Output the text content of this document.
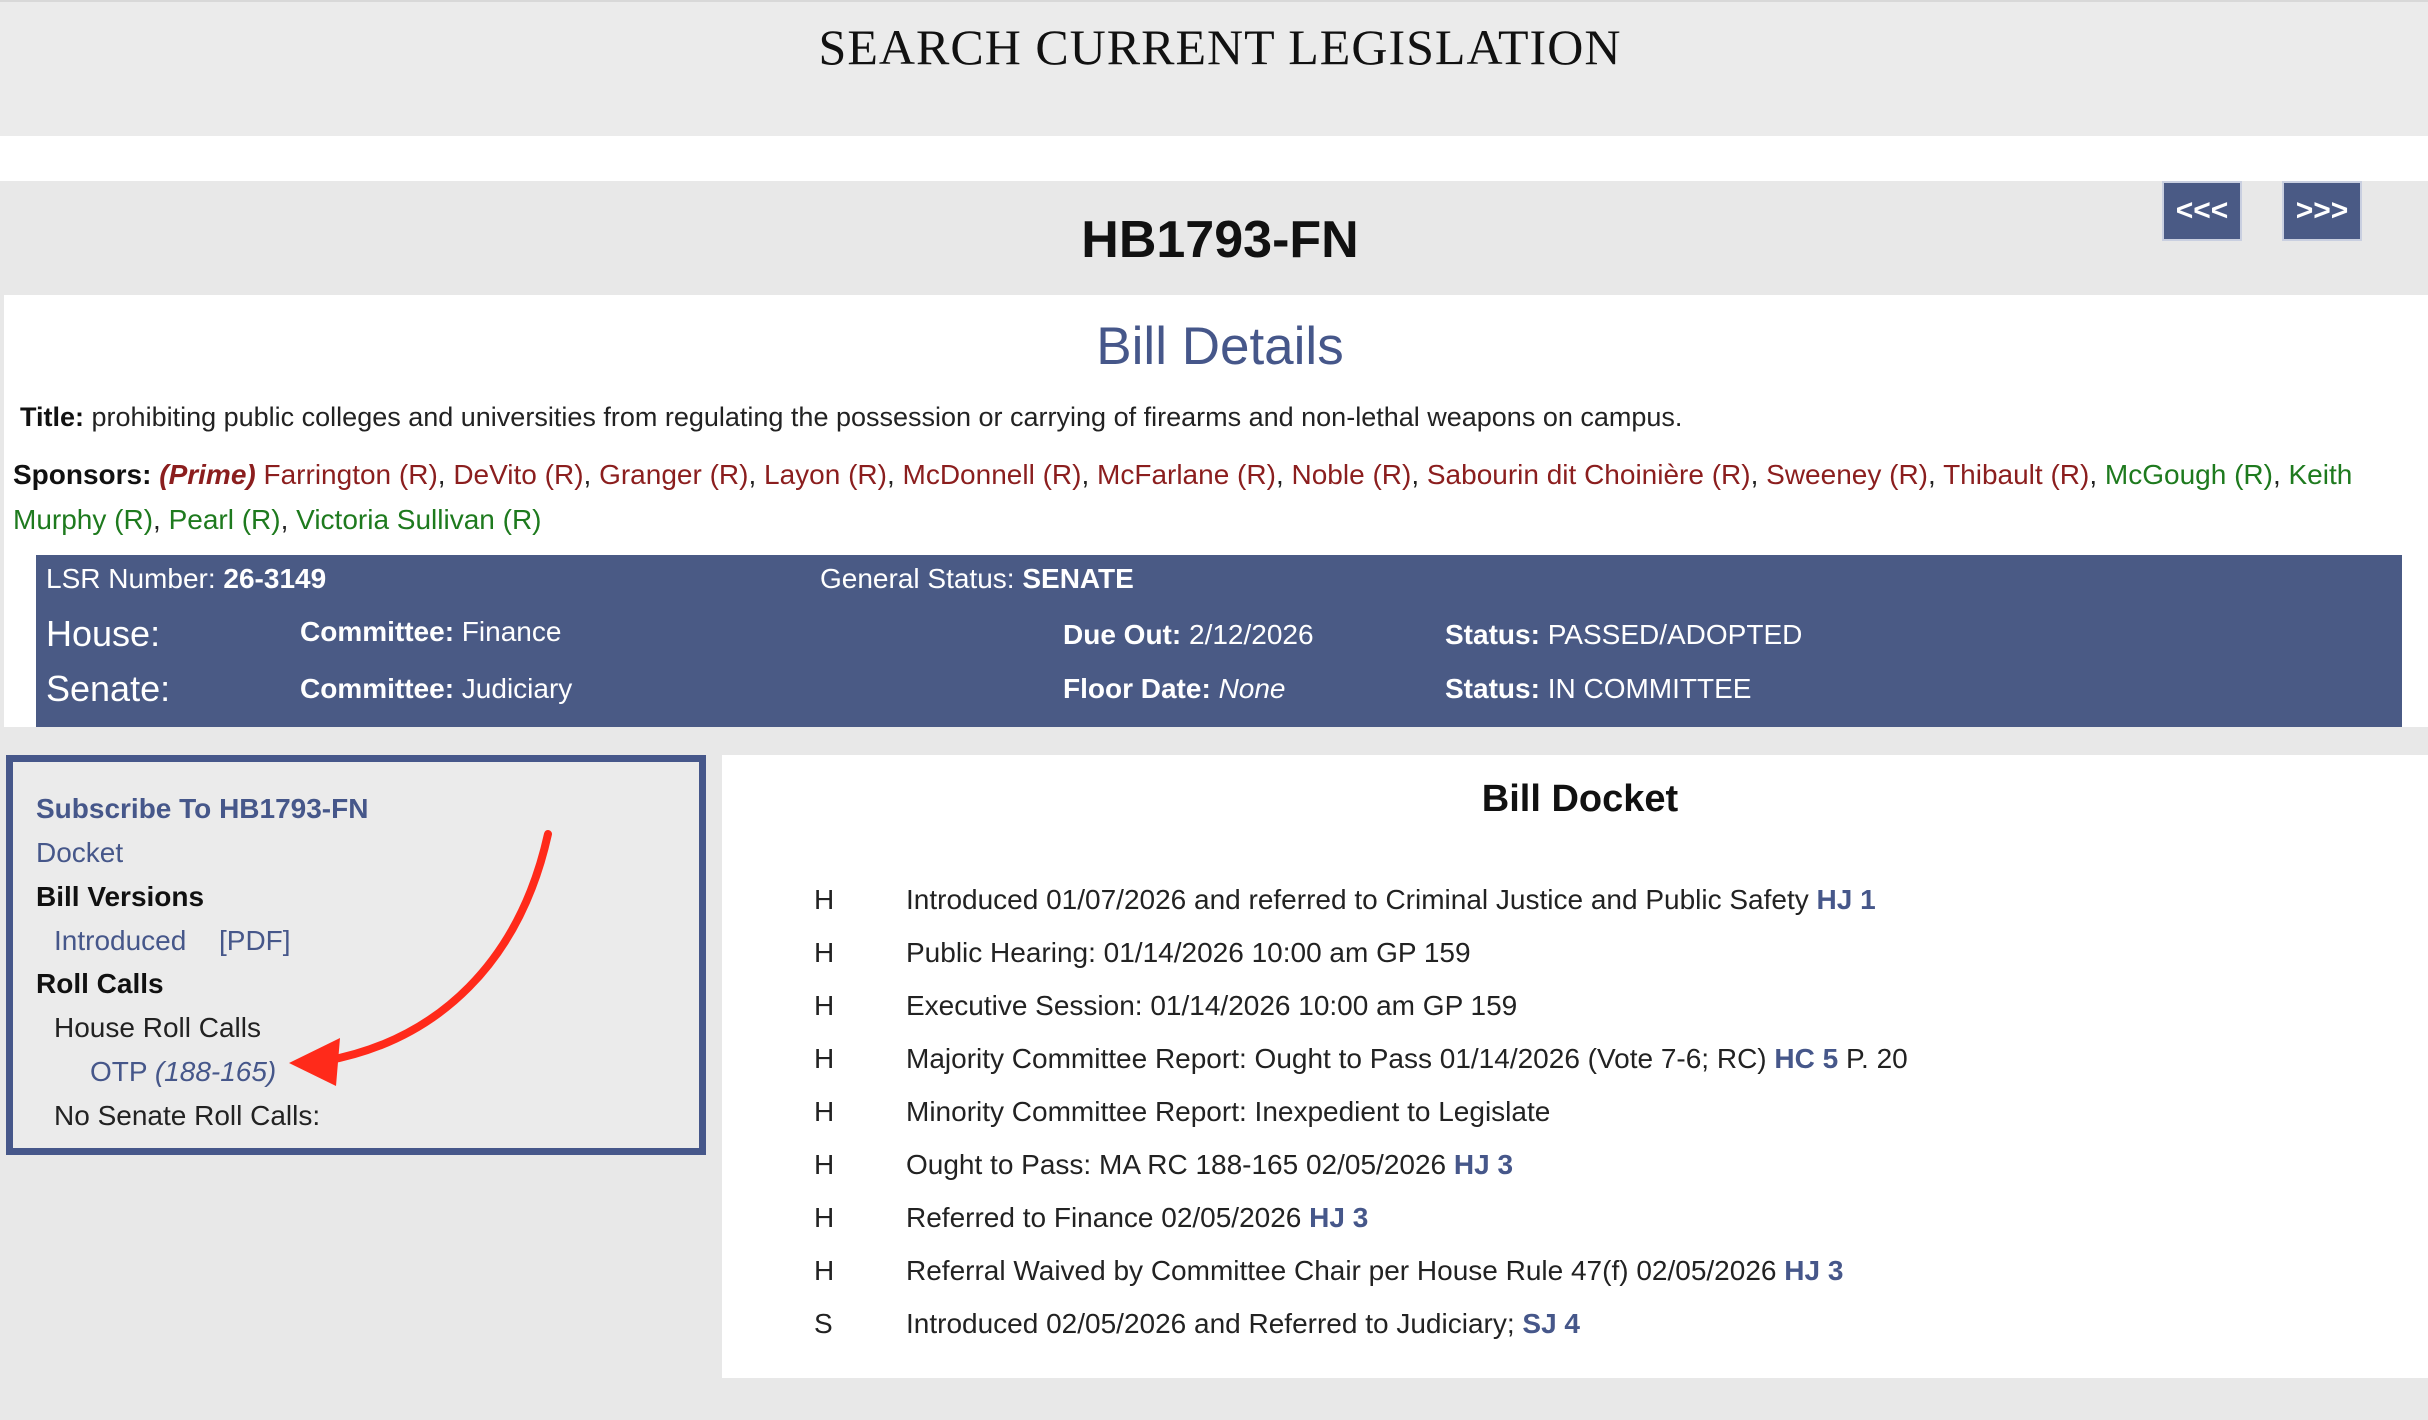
SEARCH CURRENT LEGISLATION
HB1793-FN
<<<	>>>
Bill Details
Title: prohibiting public colleges and universities from regulating the possession or carrying of firearms and non-lethal weapons on campus.
Sponsors: (Prime) Farrington (R), DeVito (R), Granger (R), Layon (R), McDonnell (R), McFarlane (R), Noble (R), Sabourin dit Choinière (R), Sweeney (R), Thibault (R), McGough (R), Keith Murphy (R), Pearl (R), Victoria Sullivan (R)
LSR Number: 26-3149	General Status: SENATE
House:	Committee: Finance	Due Out: 2/12/2026	Status: PASSED/ADOPTED
Senate:	Committee: Judiciary	Floor Date: None	Status: IN COMMITTEE
Subscribe To HB1793-FN
Docket
Bill Versions
Introduced [PDF]
Roll Calls
House Roll Calls
OTP (188-165)
No Senate Roll Calls:
Bill Docket
H	Introduced 01/07/2026 and referred to Criminal Justice and Public Safety HJ 1
H	Public Hearing: 01/14/2026 10:00 am GP 159
H	Executive Session: 01/14/2026 10:00 am GP 159
H	Majority Committee Report: Ought to Pass 01/14/2026 (Vote 7-6; RC) HC 5 P. 20
H	Minority Committee Report: Inexpedient to Legislate
H	Ought to Pass: MA RC 188-165 02/05/2026 HJ 3
H	Referred to Finance 02/05/2026 HJ 3
H	Referral Waived by Committee Chair per House Rule 47(f) 02/05/2026 HJ 3
S	Introduced 02/05/2026 and Referred to Judiciary; SJ 4
